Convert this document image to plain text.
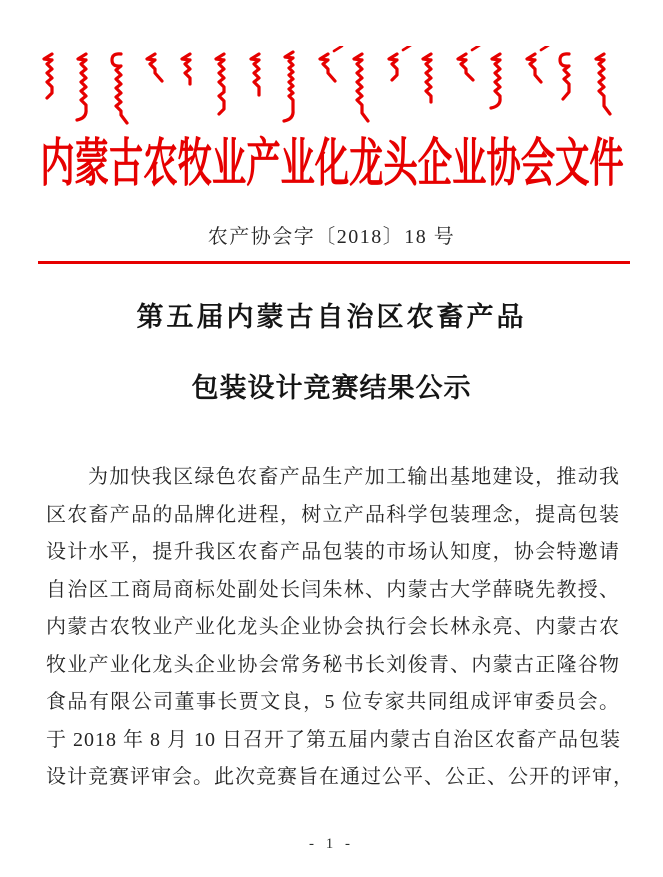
内蒙古农牧业产业化龙头企业协会文件
农产协会字〔2018〕18 号
第五届内蒙古自治区农畜产品
包装设计竞赛结果公示
为加快我区绿色农畜产品生产加工输出基地建设，推动我
区农畜产品的品牌化进程，树立产品科学包装理念，提高包装
设计水平，提升我区农畜产品包装的市场认知度，协会特邀请
自治区工商局商标处副处长闫朱林、内蒙古大学薛晓先教授、
内蒙古农牧业产业化龙头企业协会执行会长林永亮、内蒙古农
牧业产业化龙头企业协会常务秘书长刘俊青、内蒙古正隆谷物
食品有限公司董事长贾文良，5 位专家共同组成评审委员会。
于 2018 年 8 月 10 日召开了第五届内蒙古自治区农畜产品包装
设计竞赛评审会。此次竞赛旨在通过公平、公正、公开的评审，
- 1 -
